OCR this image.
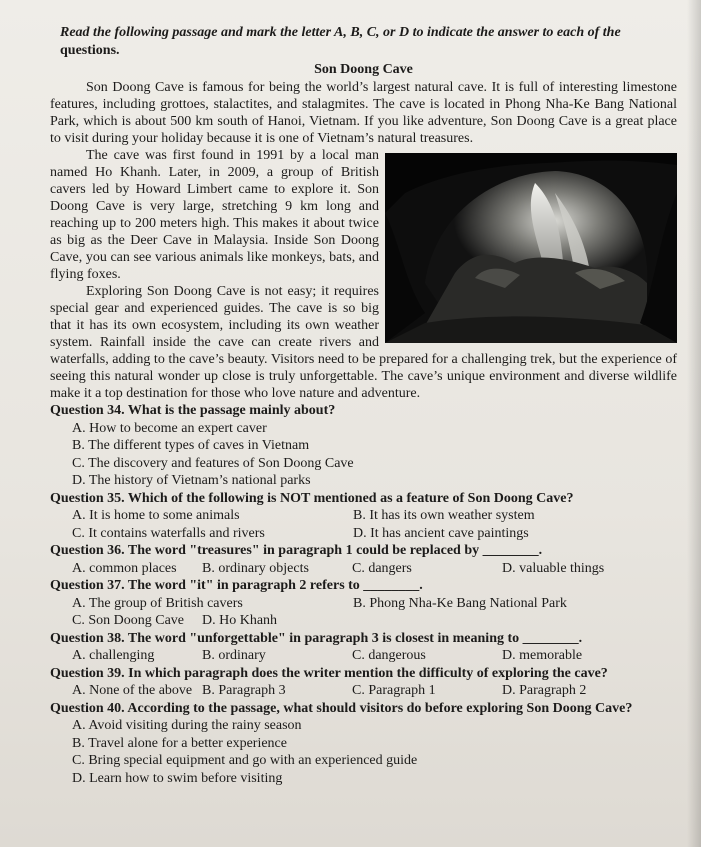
Read the following passage and mark the letter A, B, C, or D to indicate the answer to each of the
questions.
Son Doong Cave

Son Doong Cave is famous for being the world’s largest natural cave. It is full of interesting limestone features, including grottoes, stalactites, and stalagmites. The cave is located in Phong Nha-Ke Bang National Park, which is about 500 km south of Hanoi, Vietnam. If you like adventure, Son Doong Cave is a great place to visit during your holiday because it is one of Vietnam’s natural treasures.

The cave was first found in 1991 by a local man named Ho Khanh. Later, in 2009, a group of British cavers led by Howard Limbert came to explore it. Son Doong Cave is very large, stretching 9 km long and reaching up to 200 meters high. This makes it about twice as big as the Deer Cave in Malaysia. Inside Son Doong Cave, you can see various animals like monkeys, bats, and flying foxes.

Exploring Son Doong Cave is not easy; it requires special gear and experienced guides. The cave is so big that it has its own ecosystem, including its own weather system. Rainfall inside the cave can create rivers and waterfalls, adding to the cave’s beauty. Visitors need to be prepared for a challenging trek, but the experience of seeing this natural wonder up close is truly unforgettable. The cave’s unique environment and diverse wildlife make it a top destination for those who love nature and adventure.

Question 34. What is the passage mainly about?
A. How to become an expert caver
B. The different types of caves in Vietnam
C. The discovery and features of Son Doong Cave
D. The history of Vietnam’s national parks
Question 35. Which of the following is NOT mentioned as a feature of Son Doong Cave?
A. It is home to some animals	B. It has its own weather system
C. It contains waterfalls and rivers	D. It has ancient cave paintings
Question 36. The word "treasures" in paragraph 1 could be replaced by ________.
A. common places	B. ordinary objects	C. dangers	D. valuable things
Question 37. The word "it" in paragraph 2 refers to ________.
A. The group of British cavers	B. Phong Nha-Ke Bang National Park
C. Son Doong Cave	D. Ho Khanh
Question 38. The word "unforgettable" in paragraph 3 is closest in meaning to ________.
A. challenging	B. ordinary	C. dangerous	D. memorable
Question 39. In which paragraph does the writer mention the difficulty of exploring the cave?
A. None of the above B. Paragraph 3	C. Paragraph 1	D. Paragraph 2
Question 40. According to the passage, what should visitors do before exploring Son Doong Cave?
A. Avoid visiting during the rainy season
B. Travel alone for a better experience
C. Bring special equipment and go with an experienced guide
D. Learn how to swim before visiting
